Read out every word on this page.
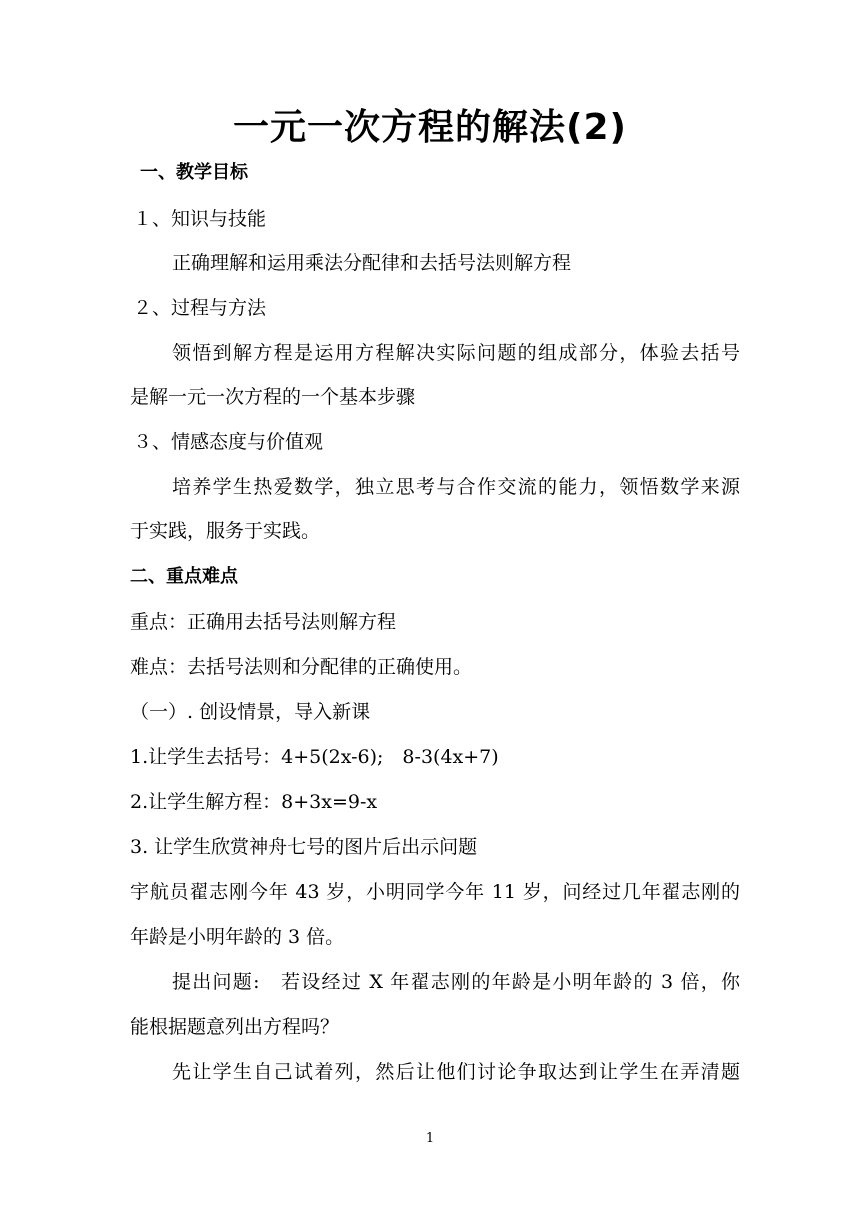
一元一次方程的解法(2)
一、教学目标
１、知识与技能
正确理解和运用乘法分配律和去括号法则解方程
２、过程与方法
领悟到解方程是运用方程解决实际问题的组成部分，体验去括号
是解一元一次方程的一个基本步骤
３、情感态度与价值观
培养学生热爱数学，独立思考与合作交流的能力，领悟数学来源
于实践，服务于实践。
二、重点难点
重点：正确用去括号法则解方程
难点：去括号法则和分配律的正确使用。
（一）. 创设情景，导入新课
1.让学生去括号：4+5(2x-6);　8-3(4x+7)
2.让学生解方程：8+3x=9-x
3. 让学生欣赏神舟七号的图片后出示问题
宇航员翟志刚今年 43 岁，小明同学今年 11 岁，问经过几年翟志刚的
年龄是小明年龄的 3 倍。
提出问题:　若设经过 X 年翟志刚的年龄是小明年龄的 3 倍，你
能根据题意列出方程吗？
先让学生自己试着列，然后让他们讨论争取达到让学生在弄清题
1
